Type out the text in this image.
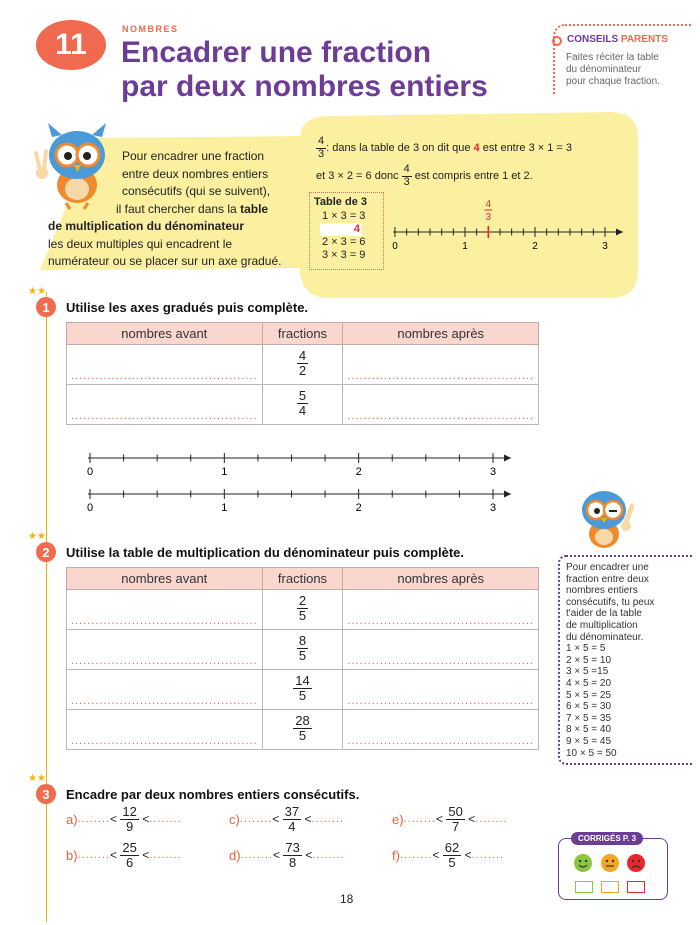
11	NOMBRES
Encadrer une fraction
par deux nombres entiers
CONSEILS PARENTS
Faites réciter la table
du dénominateur
pour chaque fraction.
Pour encadrer une fraction
entre deux nombres entiers
consécutifs (qui se suivent),
il faut chercher dans la table
de multiplication du dénominateur
les deux multiples qui encadrent le
numérateur ou se placer sur un axe gradué.
$\frac{4}{3}$ : dans la table de 3 on dit que
4
est entre 3 × 1 = 3
et 3 × 2 = 6 donc $\frac{4}{3}$ est compris entre 1 et 2.
Table de 3
1 × 3 = 3
4
2 × 3 = 6
3 × 3 = 9
0	1	2	3
4
3
★★
1 Utilise les axes gradués puis complète.
nombres avant	fractions	nombres après
..............................................	$\frac{4}{2}$	..............................................
..............................................	$\frac{5}{4}$	..............................................
0	1	2	3
0	1	2	3
Pour encadrer une
fraction entre deux
nombres entiers
consécutifs, tu peux
t'aider de la table
de multiplication
du dénominateur.
1 × 5 = 5
2 × 5 = 10
3 × 5 =15
4 × 5 = 20
5 × 5 = 25
6 × 5 = 30
7 × 5 = 35
8 × 5 = 40
9 × 5 = 45
10 × 5 = 50
★★
2 Utilise la table de multiplication du dénominateur puis complète.
nombres avant	fractions	nombres après
..............................................	$\frac{2}{5}$	..............................................
..............................................	$\frac{8}{5}$	..............................................
..............................................	$\frac{14}{5}$	..............................................
..............................................	$\frac{28}{5}$	..............................................
★★
3 Encadre par deux nombres entiers consécutifs.
a) ........ <
$\frac{12}{9}$
< ........	c) ........ <
$\frac{37}{4}$
< ........	e) ........ <
$\frac{50}{7}$
< ........
b) ........ <
$\frac{25}{6}$
< ........	d) ........ <
$\frac{73}{8}$
< ........	f) ........ <
$\frac{62}{5}$
< ........
CORRIGÉS P. 3
18
